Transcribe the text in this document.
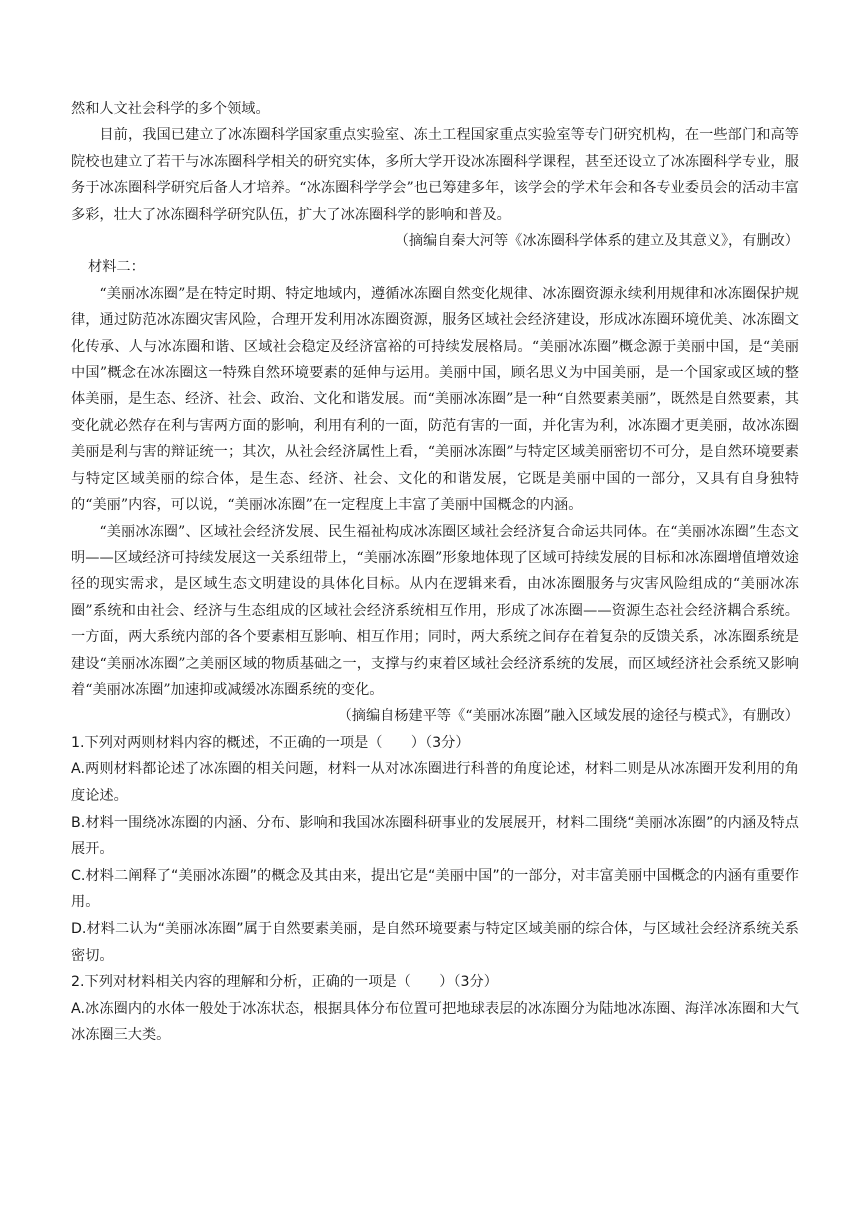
然和人文社会科学的多个领域。

目前，我国已建立了冰冻圈科学国家重点实验室、冻土工程国家重点实验室等专门研究机构，在一些部门和高等院校也建立了若干与冰冻圈科学相关的研究实体，多所大学开设冰冻圈科学课程，甚至还设立了冰冻圈科学专业，服务于冰冻圈科学研究后备人才培养。“冰冻圈科学学会”也已筹建多年，该学会的学术年会和各专业委员会的活动丰富多彩，壮大了冰冻圈科学研究队伍，扩大了冰冻圈科学的影响和普及。

（摘编自秦大河等《冰冻圈科学体系的建立及其意义》，有删改）

材料二：

“美丽冰冻圈”是在特定时期、特定地域内，遵循冰冻圈自然变化规律、冰冻圈资源永续利用规律和冰冻圈保护规律，通过防范冰冻圈灾害风险，合理开发利用冰冻圈资源，服务区域社会经济建设，形成冰冻圈环境优美、冰冻圈文化传承、人与冰冻圈和谐、区域社会稳定及经济富裕的可持续发展格局。“美丽冰冻圈”概念源于美丽中国，是“美丽中国”概念在冰冻圈这一特殊自然环境要素的延伸与运用。美丽中国，顾名思义为中国美丽，是一个国家或区域的整体美丽，是生态、经济、社会、政治、文化和谐发展。而“美丽冰冻圈”是一种“自然要素美丽”，既然是自然要素，其变化就必然存在利与害两方面的影响，利用有利的一面，防范有害的一面，并化害为利，冰冻圈才更美丽，故冰冻圈美丽是利与害的辩证统一；其次，从社会经济属性上看，“美丽冰冻圈”与特定区域美丽密切不可分，是自然环境要素与特定区域美丽的综合体，是生态、经济、社会、文化的和谐发展，它既是美丽中国的一部分，又具有自身独特的“美丽”内容，可以说，“美丽冰冻圈”在一定程度上丰富了美丽中国概念的内涵。

“美丽冰冻圈”、区域社会经济发展、民生福祉构成冰冻圈区域社会经济复合命运共同体。在“美丽冰冻圈”生态文明——区域经济可持续发展这一关系纽带上，“美丽冰冻圈”形象地体现了区域可持续发展的目标和冰冻圈增值增效途径的现实需求，是区域生态文明建设的具体化目标。从内在逻辑来看，由冰冻圈服务与灾害风险组成的“美丽冰冻圈”系统和由社会、经济与生态组成的区域社会经济系统相互作用，形成了冰冻圈——资源生态社会经济耦合系统。一方面，两大系统内部的各个要素相互影响、相互作用；同时，两大系统之间存在着复杂的反馈关系，冰冻圈系统是建设“美丽冰冻圈”之美丽区域的物质基础之一，支撑与约束着区域社会经济系统的发展，而区域经济社会系统又影响着“美丽冰冻圈”加速抑或减缓冰冻圈系统的变化。

（摘编自杨建平等《“美丽冰冻圈”融入区域发展的途径与模式》，有删改）

1.下列对两则材料内容的概述，不正确的一项是（　　）（3分）

A.两则材料都论述了冰冻圈的相关问题，材料一从对冰冻圈进行科普的角度论述，材料二则是从冰冻圈开发利用的角度论述。

B.材料一围绕冰冻圈的内涵、分布、影响和我国冰冻圈科研事业的发展展开，材料二围绕“美丽冰冻圈”的内涵及特点展开。

C.材料二阐释了“美丽冰冻圈”的概念及其由来，提出它是“美丽中国”的一部分，对丰富美丽中国概念的内涵有重要作用。

D.材料二认为“美丽冰冻圈”属于自然要素美丽，是自然环境要素与特定区域美丽的综合体，与区域社会经济系统关系密切。

2.下列对材料相关内容的理解和分析，正确的一项是（　　）（3分）

A.冰冻圈内的水体一般处于冰冻状态，根据具体分布位置可把地球表层的冰冻圈分为陆地冰冻圈、海洋冰冻圈和大气冰冻圈三大类。
